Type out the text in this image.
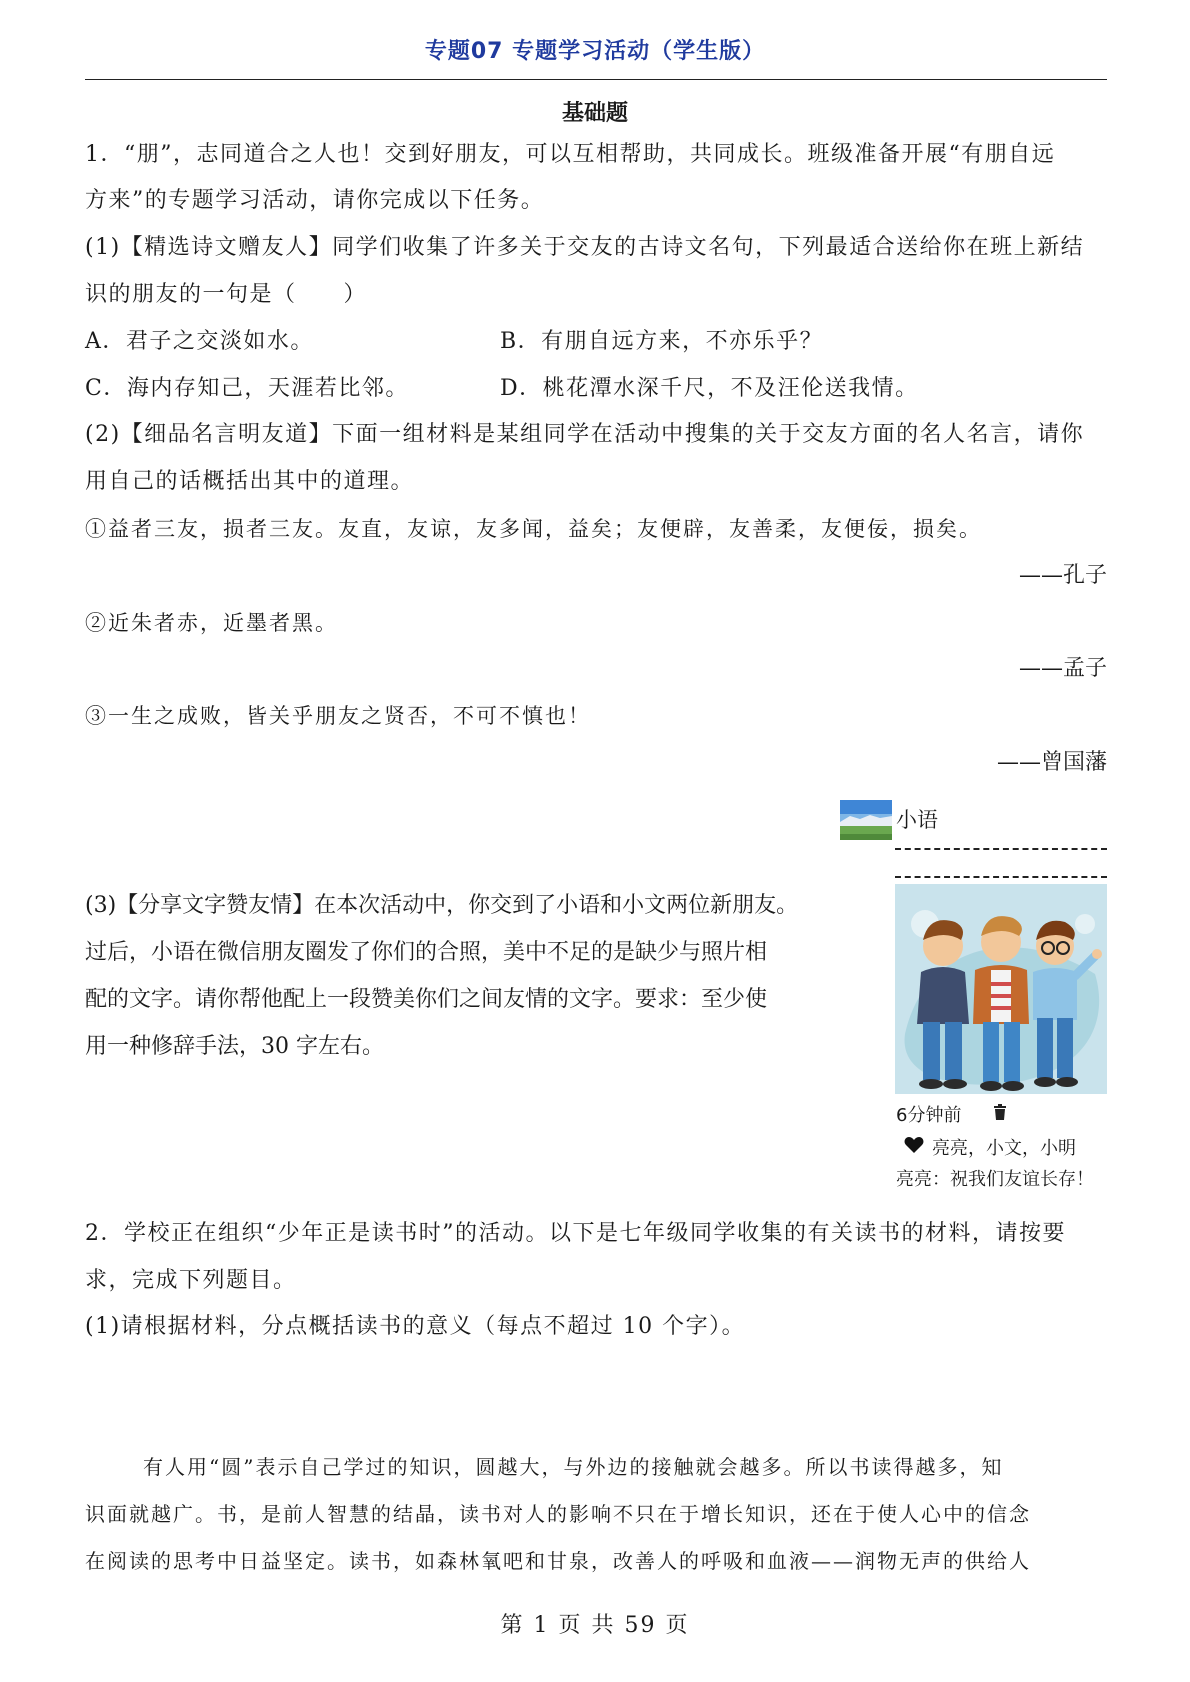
专题07 专题学习活动（学生版）
基础题
1．“朋”，志同道合之人也！交到好朋友，可以互相帮助，共同成长。班级准备开展“有朋自远
方来”的专题学习活动，请你完成以下任务。
(1)【精选诗文赠友人】同学们收集了许多关于交友的古诗文名句，下列最适合送给你在班上新结
识的朋友的一句是（　　）
A．君子之交淡如水。	B．有朋自远方来，不亦乐乎？
C．海内存知己，天涯若比邻。	D．桃花潭水深千尺，不及汪伦送我情。
(2)【细品名言明友道】下面一组材料是某组同学在活动中搜集的关于交友方面的名人名言，请你
用自己的话概括出其中的道理。
①益者三友，损者三友。友直，友谅，友多闻，益矣；友便辟，友善柔，友便佞，损矣。
——孔子
②近朱者赤，近墨者黑。
——孟子
③一生之成败，皆关乎朋友之贤否，不可不慎也！
——曾国藩
(3)【分享文字赞友情】在本次活动中，你交到了小语和小文两位新朋友。
过后，小语在微信朋友圈发了你们的合照，美中不足的是缺少与照片相
配的文字。请你帮他配上一段赞美你们之间友情的文字。要求：至少使
用一种修辞手法，30 字左右。
小语
6分钟前
亮亮，小文，小明
亮亮：祝我们友谊长存！
2．学校正在组织“少年正是读书时”的活动。以下是七年级同学收集的有关读书的材料，请按要
求，完成下列题目。
(1)请根据材料，分点概括读书的意义（每点不超过 10 个字）。
有人用“圆”表示自己学过的知识，圆越大，与外边的接触就会越多。所以书读得越多，知
识面就越广。书，是前人智慧的结晶，读书对人的影响不只在于增长知识，还在于使人心中的信念
在阅读的思考中日益坚定。读书，如森林氧吧和甘泉，改善人的呼吸和血液——润物无声的供给人
第 1 页 共 59 页
